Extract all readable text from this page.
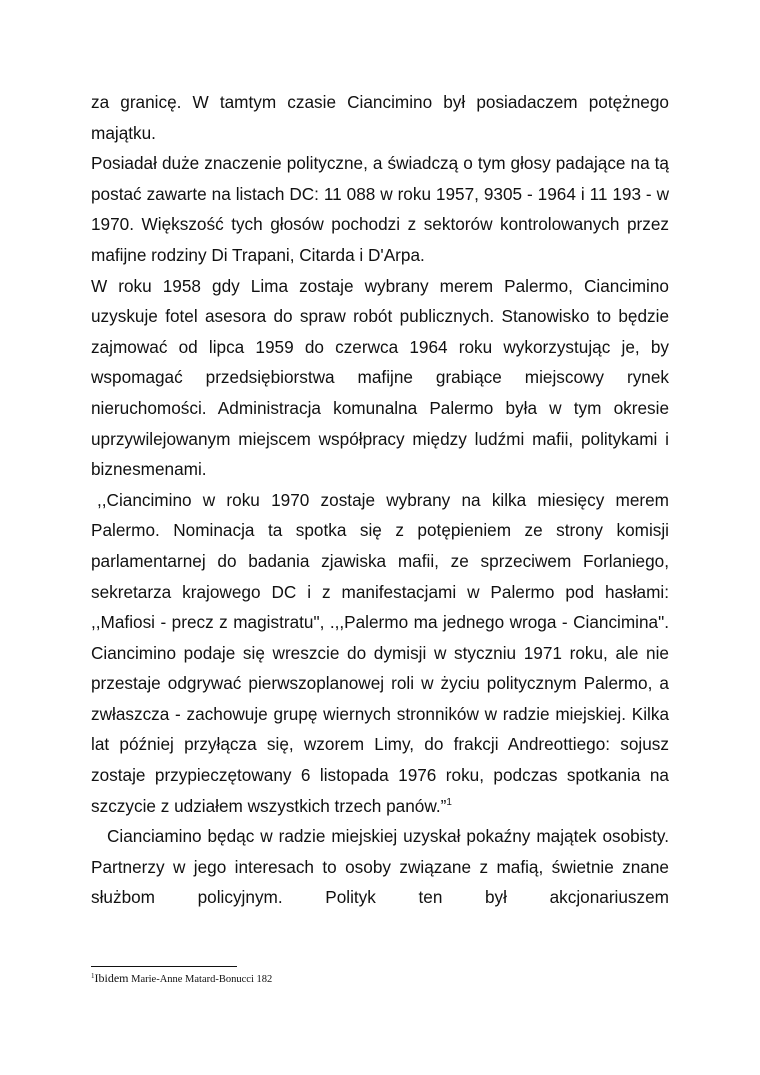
za granicę. W tamtym czasie Ciancimino był posiadaczem potężnego majątku.

Posiadał duże znaczenie polityczne, a świadczą o tym głosy padające na tą postać zawarte na listach DC: 11 088 w roku 1957, 9305 - 1964 i 11 193 - w 1970. Większość tych głosów pochodzi z sektorów kontrolowanych przez mafijne rodziny Di Trapani, Citarda i D'Arpa.

W roku 1958 gdy Lima zostaje wybrany merem Palermo, Ciancimino uzyskuje fotel asesora do spraw robót publicznych. Stanowisko to będzie zajmować od lipca 1959 do czerwca 1964 roku wykorzystując je, by wspomagać przedsiębiorstwa mafijne grabiące miejscowy rynek nieruchomości. Administracja komunalna Palermo była w tym okresie uprzywilejowanym miejscem współpracy między ludźmi mafii, politykami i biznesmenami.

,,Ciancimino w roku 1970 zostaje wybrany na kilka miesięcy merem Palermo. Nominacja ta spotka się z potępieniem ze strony komisji parlamentarnej do badania zjawiska mafii, ze sprzeciwem Forlaniego, sekretarza krajowego DC i z manifestacjami w Palermo pod hasłami: ,,Mafiosi - precz z magistratu", .,,Palermo ma jednego wroga - Ciancimina". Ciancimino podaje się wreszcie do dymisji w styczniu 1971 roku, ale nie przestaje odgrywać pierwszoplanowej roli w życiu politycznym Palermo, a zwłaszcza - zachowuje grupę wiernych stronników w radzie miejskiej. Kilka lat później przyłącza się, wzorem Limy, do frakcji Andreottiego: sojusz zostaje przypieczętowany 6 listopada 1976 roku, podczas spotkania na szczycie z udziałem wszystkich trzech panów.”$^1$

Cianciamino będąc w radzie miejskiej uzyskał pokaźny majątek osobisty. Partnerzy w jego interesach to osoby związane z mafią, świetnie znane służbom policyjnym. Polityk ten był akcjonariuszem

$^1$Ibidem Marie-Anne Matard-Bonucci 182
